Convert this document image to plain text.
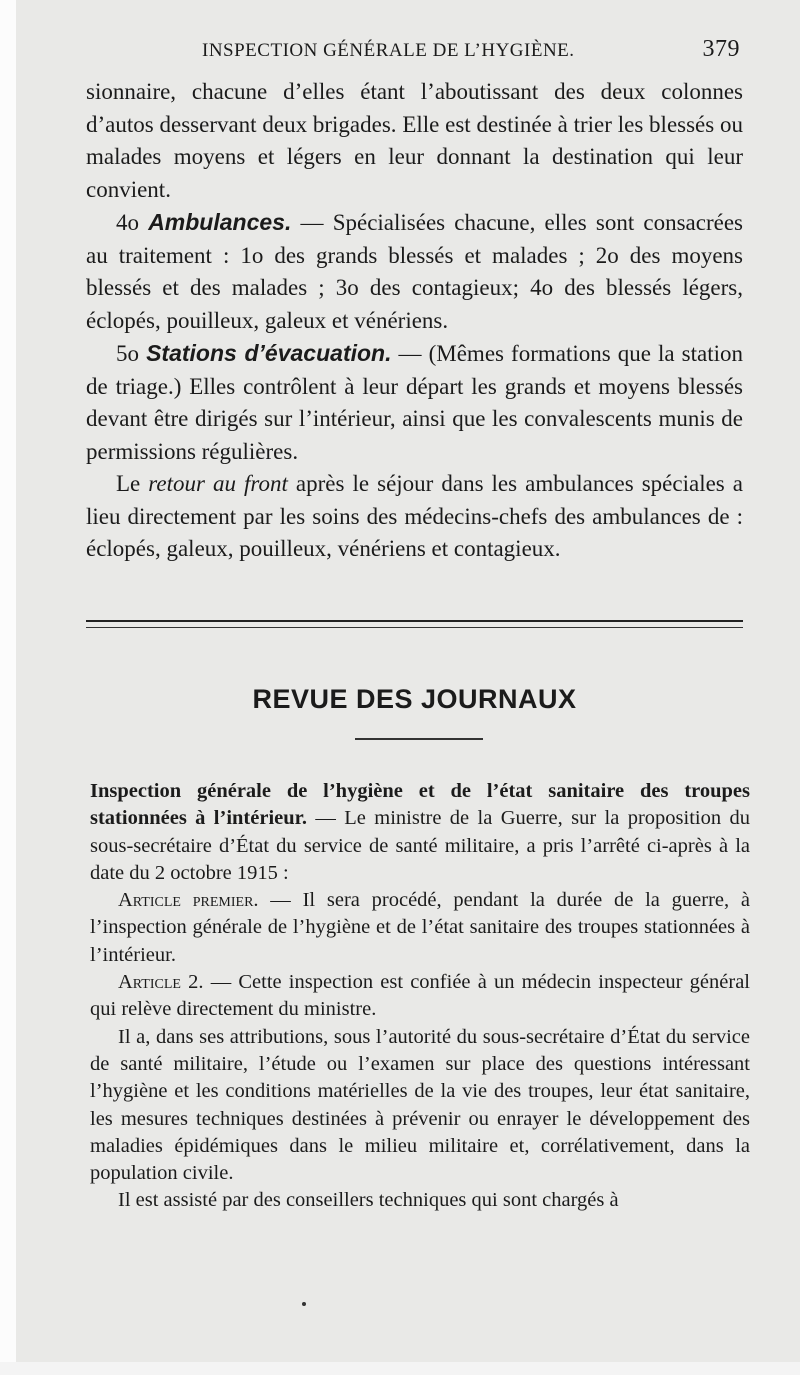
INSPECTION GÉNÉRALE DE L’HYGIÈNE.	379

sionnaire, chacune d’elles étant l’aboutissant des deux colonnes d’autos desservant deux brigades. Elle est destinée à trier les blessés ou malades moyens et légers en leur donnant la destination qui leur convient.

4o Ambulances. — Spécialisées chacune, elles sont consacrées au traitement : 1o des grands blessés et malades ; 2o des moyens blessés et des malades ; 3o des contagieux; 4o des blessés légers, éclopés, pouilleux, galeux et vénériens.

5o Stations d’évacuation. — (Mêmes formations que la station de triage.) Elles contrôlent à leur départ les grands et moyens blessés devant être dirigés sur l’intérieur, ainsi que les convalescents munis de permissions régulières.

Le retour au front après le séjour dans les ambulances spéciales a lieu directement par les soins des médecins-chefs des ambulances de : éclopés, galeux, pouilleux, vénériens et contagieux.

REVUE DES JOURNAUX

Inspection générale de l’hygiène et de l’état sanitaire des troupes stationnées à l’intérieur. — Le ministre de la Guerre, sur la proposition du sous-secrétaire d’État du service de santé militaire, a pris l’arrêté ci-après à la date du 2 octobre 1915 :

Article premier. — Il sera procédé, pendant la durée de la guerre, à l’inspection générale de l’hygiène et de l’état sanitaire des troupes stationnées à l’intérieur.

Article 2. — Cette inspection est confiée à un médecin inspecteur général qui relève directement du ministre.

Il a, dans ses attributions, sous l’autorité du sous-secrétaire d’État du service de santé militaire, l’étude ou l’examen sur place des questions intéressant l’hygiène et les conditions matérielles de la vie des troupes, leur état sanitaire, les mesures techniques destinées à prévenir ou enrayer le développement des maladies épidémiques dans le milieu militaire et, corrélativement, dans la population civile.

Il est assisté par des conseillers techniques qui sont chargés à
